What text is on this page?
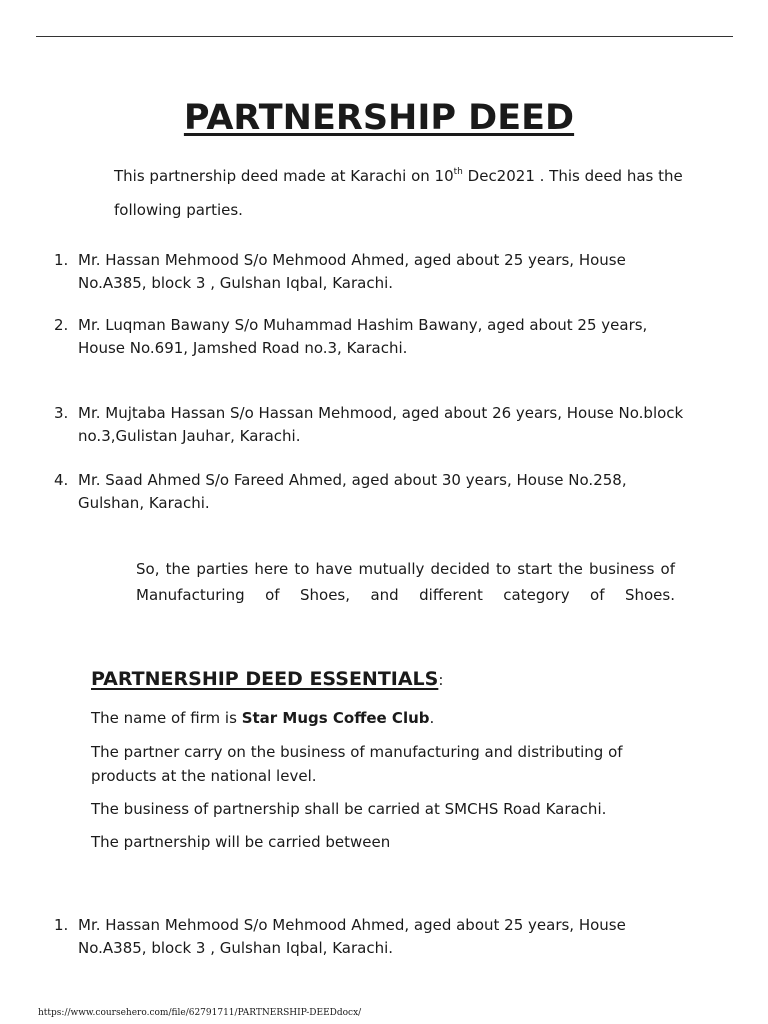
PARTNERSHIP DEED

This partnership deed made at Karachi on 10th Dec2021 . This deed has the following parties.

1. Mr. Hassan Mehmood S/o Mehmood Ahmed, aged about 25 years, House No.A385, block 3 , Gulshan Iqbal, Karachi.
2. Mr. Luqman Bawany S/o Muhammad Hashim Bawany, aged about 25 years, House No.691, Jamshed Road no.3, Karachi.
3. Mr. Mujtaba Hassan S/o Hassan Mehmood, aged about 26 years, House No.block no.3,Gulistan Jauhar, Karachi.
4. Mr. Saad Ahmed S/o Fareed Ahmed, aged about 30 years, House No.258, Gulshan, Karachi.

So, the parties here to have mutually decided to start the business of Manufacturing of Shoes, and different category of Shoes.

PARTNERSHIP DEED ESSENTIALS:

The name of firm is Star Mugs Coffee Club.

The partner carry on the business of manufacturing and distributing of products at the national level.

The business of partnership shall be carried at SMCHS Road Karachi.

The partnership will be carried between

1. Mr. Hassan Mehmood S/o Mehmood Ahmed, aged about 25 years, House No.A385, block 3 , Gulshan Iqbal, Karachi.

https://www.coursehero.com/file/62791711/PARTNERSHIP-DEEDdocx/
